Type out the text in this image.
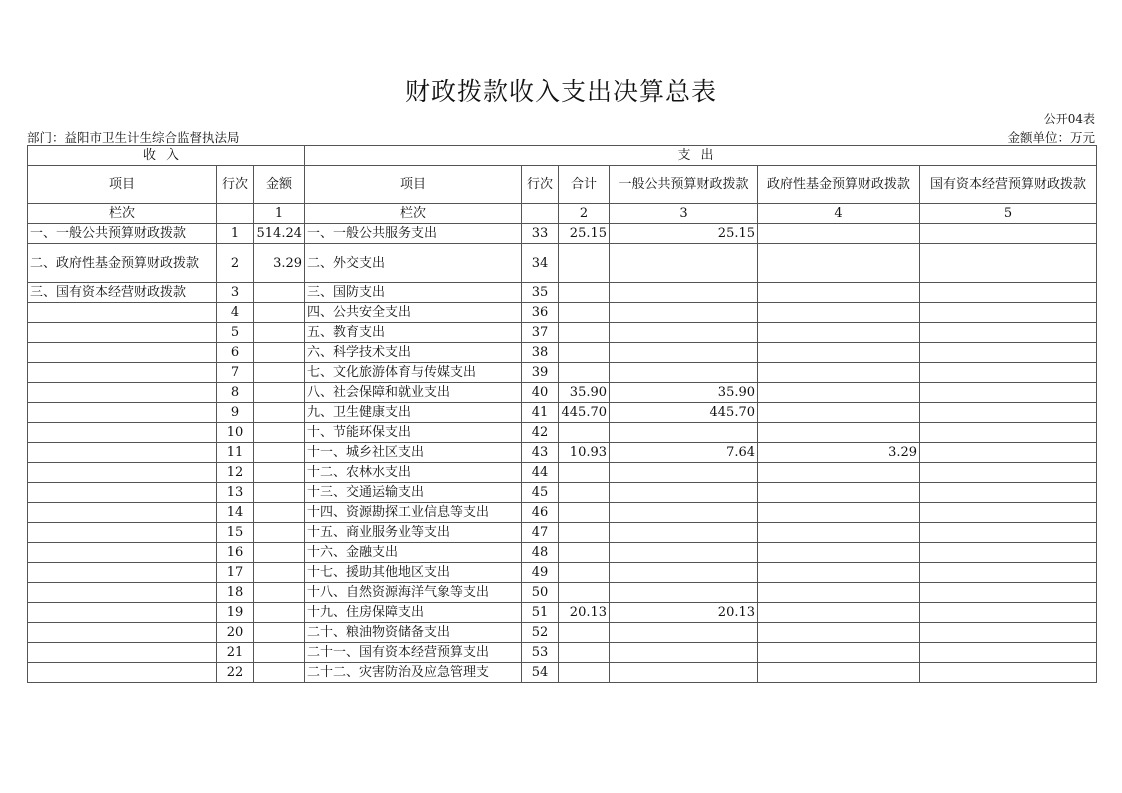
财政拨款收入支出决算总表
公开04表
部门：益阳市卫生计生综合监督执法局	金额单位：万元
收入			支出					
项目	行次	金额	项目	行次	合计	一般公共预算财政拨款	政府性基金预算财政拨款	国有资本经营预算财政拨款
栏次		1	栏次		2	3	4	5
一、一般公共预算财政拨款	1	514.24	一、一般公共服务支出	33	25.15	25.15		
二、政府性基金预算财政拨款	2	3.29	二、外交支出	34				
三、国有资本经营财政拨款	3		三、国防支出	35				
	4		四、公共安全支出	36				
	5		五、教育支出	37				
	6		六、科学技术支出	38				
	7		七、文化旅游体育与传媒支出	39				
	8		八、社会保障和就业支出	40	35.90	35.90		
	9		九、卫生健康支出	41	445.70	445.70		
	10		十、节能环保支出	42				
	11		十一、城乡社区支出	43	10.93	7.64	3.29	
	12		十二、农林水支出	44				
	13		十三、交通运输支出	45				
	14		十四、资源勘探工业信息等支出	46				
	15		十五、商业服务业等支出	47				
	16		十六、金融支出	48				
	17		十七、援助其他地区支出	49				
	18		十八、自然资源海洋气象等支出	50				
	19		十九、住房保障支出	51	20.13	20.13		
	20		二十、粮油物资储备支出	52				
	21		二十一、国有资本经营预算支出	53				
	22		二十二、灾害防治及应急管理支	54				
